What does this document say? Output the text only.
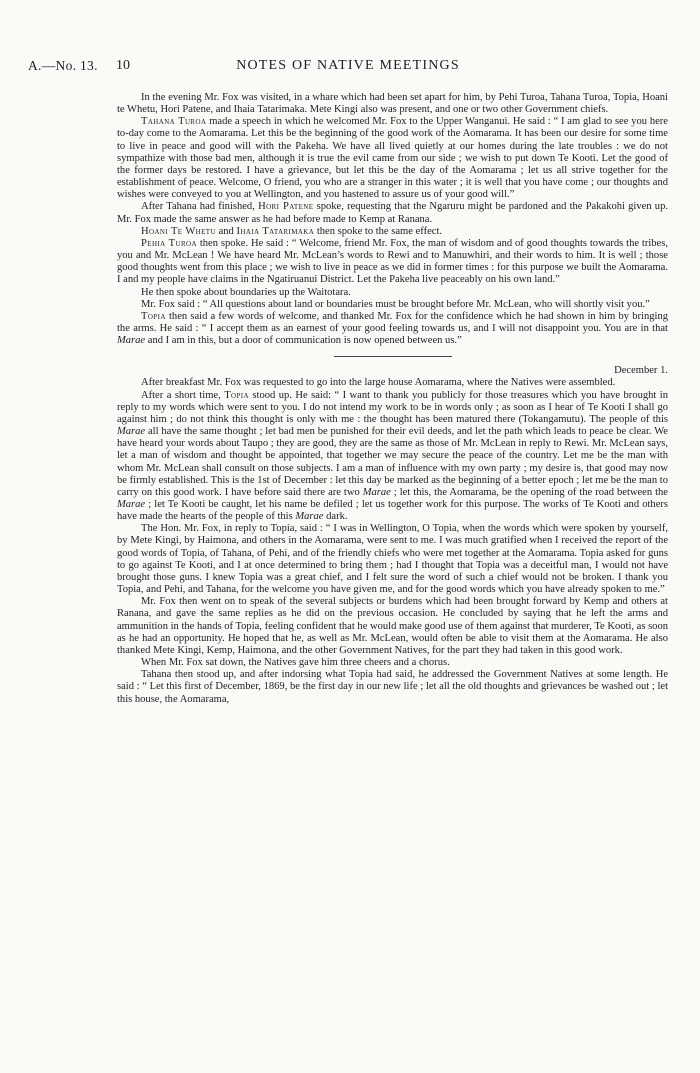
A.—No. 13. 10	NOTES OF NATIVE MEETINGS

In the evening Mr. Fox was visited, in a whare which had been set apart for him, by Pehi Turoa, Tahana Turoa, Topia, Hoani te Whetu, Hori Patene, and Ihaia Tatarimaka. Mete Kingi also was present, and one or two other Government chiefs.

Tahana Turoa made a speech in which he welcomed Mr. Fox to the Upper Wanganui. He said : “ I am glad to see you here to-day come to the Aomarama. Let this be the beginning of the good work of the Aomarama. It has been our desire for some time to live in peace and good will with the Pakeha. We have all lived quietly at our homes during the late troubles : we do not sympathize with those bad men, although it is true the evil came from our side ; we wish to put down Te Kooti. Let the good of the former days be restored. I have a grievance, but let this be the day of the Aomarama ; let us all strive together for the establishment of peace. Welcome, O friend, you who are a stranger in this water ; it is well that you have come ; our thoughts and wishes were conveyed to you at Wellington, and you hastened to assure us of your good will.”

After Tahana had finished, Hori Patene spoke, requesting that the Ngaruru might be pardoned and the Pakakohi given up. Mr. Fox made the same answer as he had before made to Kemp at Ranana.

Hoani Te Whetu and Ihaia Tatarimaka then spoke to the same effect.

Pehia Turoa then spoke. He said : “ Welcome, friend Mr. Fox, the man of wisdom and of good thoughts towards the tribes, you and Mr. McLean ! We have heard Mr. McLean’s words to Rewi and to Manuwhiri, and their words to him. It is well ; those good thoughts went from this place ; we wish to live in peace as we did in former times : for this purpose we built the Aomarama. I and my people have claims in the Ngatiruanui District. Let the Pakeha live peaceably on his own land.”

He then spoke about boundaries up the Waitotara.

Mr. Fox said : “ All questions about land or boundaries must be brought before Mr. McLean, who will shortly visit you.”

Topia then said a few words of welcome, and thanked Mr. Fox for the confidence which he had shown in him by bringing the arms. He said : “ I accept them as an earnest of your good feeling towards us, and I will not disappoint you. You are in that Marae and I am in this, but a door of communication is now opened between us.”

December 1.

After breakfast Mr. Fox was requested to go into the large house Aomarama, where the Natives were assembled.

After a short time, Topia stood up. He said: “ I want to thank you publicly for those treasures which you have brought in reply to my words which were sent to you. I do not intend my work to be in words only ; as soon as I hear of Te Kooti I shall go against him ; do not think this thought is only with me : the thought has been matured there (Tokangamutu). The people of this Marae all have the same thought ; let bad men be punished for their evil deeds, and let the path which leads to peace be clear. We have heard your words about Taupo ; they are good, they are the same as those of Mr. McLean in reply to Rewi. Mr. McLean says, let a man of wisdom and thought be appointed, that together we may secure the peace of the country. Let me be the man with whom Mr. McLean shall consult on those subjects. I am a man of influence with my own party ; my desire is, that good may now be firmly established. This is the 1st of December : let this day be marked as the beginning of a better epoch ; let me be the man to carry on this good work. I have before said there are two Marae ; let this, the Aomarama, be the opening of the road between the Marae ; let Te Kooti be caught, let his name be defiled ; let us together work for this purpose. The works of Te Kooti and others have made the hearts of the people of this Marae dark.

The Hon. Mr. Fox, in reply to Topia, said : “ I was in Wellington, O Topia, when the words which were spoken by yourself, by Mete Kingi, by Haimona, and others in the Aomarama, were sent to me. I was much gratified when I received the report of the good words of Topia, of Tahana, of Pehi, and of the friendly chiefs who were met together at the Aomarama. Topia asked for guns to go against Te Kooti, and I at once determined to bring them ; had I thought that Topia was a deceitful man, I would not have brought those guns. I knew Topia was a great chief, and I felt sure the word of such a chief would not be broken. I thank you Topia, and Pehi, and Tahana, for the welcome you have given me, and for the good words which you have already spoken to me.”

Mr. Fox then went on to speak of the several subjects or burdens which had been brought forward by Kemp and others at Ranana, and gave the same replies as he did on the previous occasion. He concluded by saying that he left the arms and ammunition in the hands of Topia, feeling confident that he would make good use of them against that murderer, Te Kooti, as soon as he had an opportunity. He hoped that he, as well as Mr. McLean, would often be able to visit them at the Aomarama. He also thanked Mete Kingi, Kemp, Haimona, and the other Government Natives, for the part they had taken in this good work.

When Mr. Fox sat down, the Natives gave him three cheers and a chorus.

Tahana then stood up, and after indorsing what Topia had said, he addressed the Government Natives at some length. He said : “ Let this first of December, 1869, be the first day in our new life ; let all the old thoughts and grievances be washed out ; let this house, the Aomarama,
